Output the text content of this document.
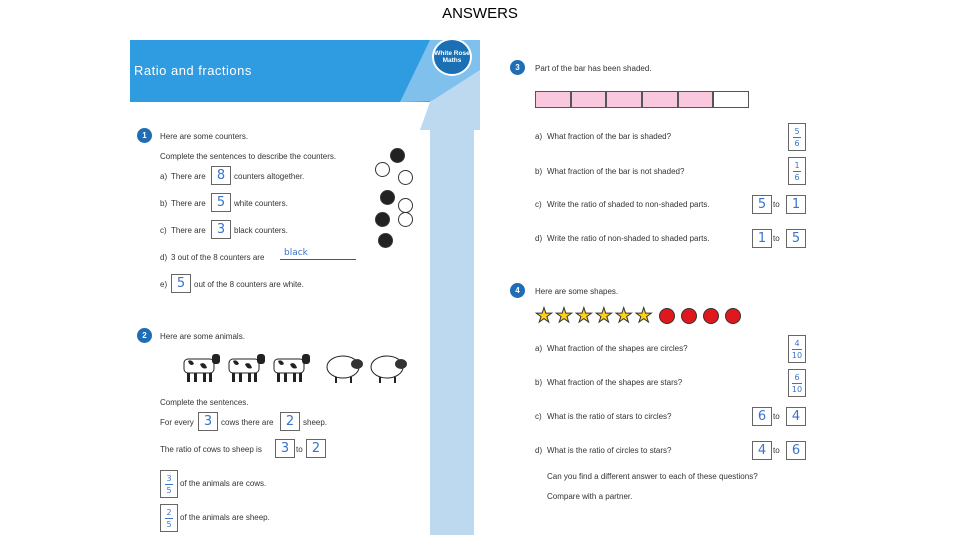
ANSWERS
Ratio and fractions
White Rose Maths
1	Here are some counters.
Complete the sentences to describe the counters.
a) There are 8	counters altogether.
b) There are 5	white counters.
c) There are 3	black counters.
d) 3 out of the 8 counters are black
e) 5	out of the 8 counters are white.
2	Here are some animals.
Complete the sentences.
For every 3	cows there are 2	sheep.
The ratio of cows to sheep is	3 to 2
3
5
of the animals are cows.
2
5
of the animals are sheep.
3	Part of the bar has been shaded.
a) What fraction of the bar is shaded?
5
6
b) What fraction of the bar is not shaded?
1
6
c) Write the ratio of shaded to non-shaded parts.	5 to 1
d) Write the ratio of non-shaded to shaded parts.	1 to 5
4	Here are some shapes.
★ ★ ★ ★ ★ ★
a) What fraction of the shapes are circles?
4
10
b) What fraction of the shapes are stars?
6
10
c) What is the ratio of stars to circles?	6 to 4
d) What is the ratio of circles to stars?	4 to 6
Can you find a different answer to each of these questions?
Compare with a partner.
